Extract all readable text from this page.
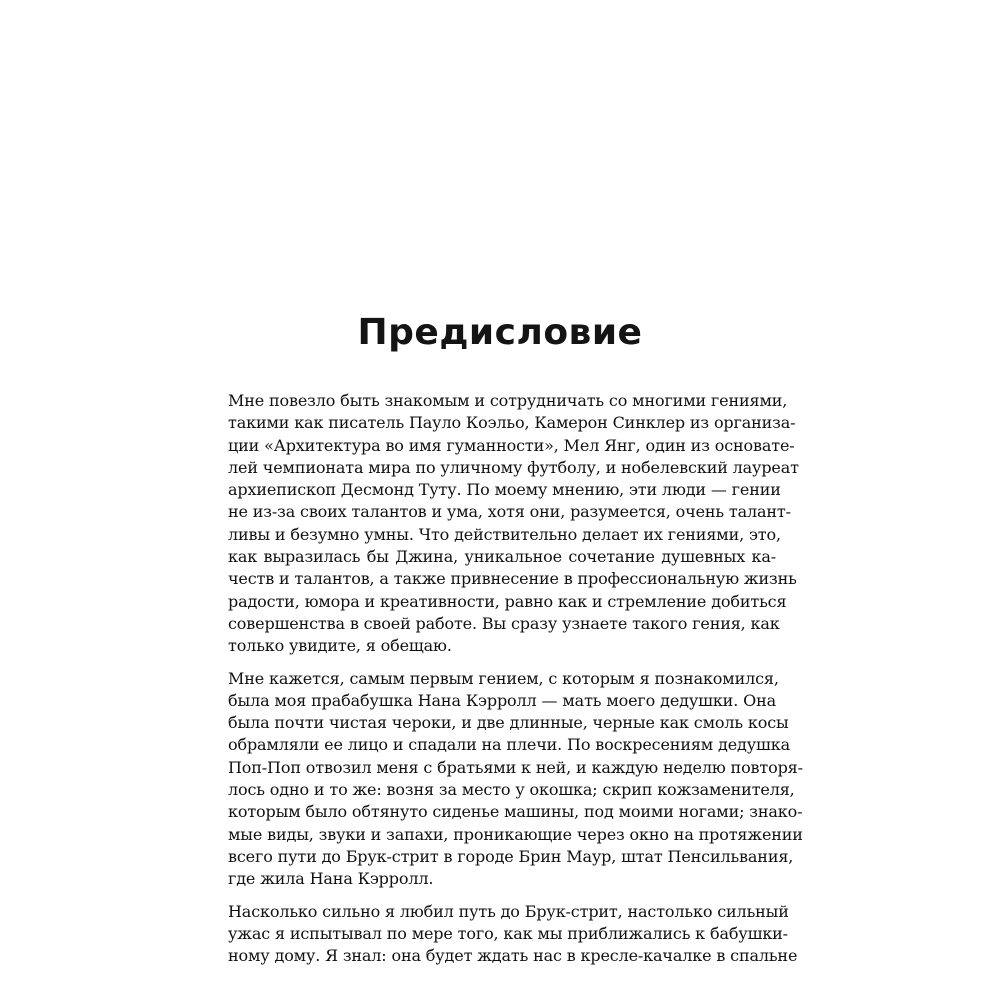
Предисловие
Мне повезло быть знакомым и сотрудничать со многими гениями,
такими как писатель Пауло Коэльо, Камерон Синклер из организа-
ции «Архитектура во имя гуманности», Мел Янг, один из основате-
лей чемпионата мира по уличному футболу, и нобелевский лауреат
архиепископ Десмонд Туту. По моему мнению, эти люди — гении
не из-за своих талантов и ума, хотя они, разумеется, очень талант-
ливы и безумно умны. Что действительно делает их гениями, это,
как выразилась бы Джина, уникальное сочетание душевных ка-
честв и талантов, а также привнесение в профессиональную жизнь
радости, юмора и креативности, равно как и стремление добиться
совершенства в своей работе. Вы сразу узнаете такого гения, как
только увидите, я обещаю.
Мне кажется, самым первым гением, с которым я познакомился,
была моя прабабушка Нана Кэрролл — мать моего дедушки. Она
была почти чистая чероки, и две длинные, черные как смоль косы
обрамляли ее лицо и спадали на плечи. По воскресениям дедушка
Поп-Поп отвозил меня с братьями к ней, и каждую неделю повторя-
лось одно и то же: возня за место у окошка; скрип кожзаменителя,
которым было обтянуто сиденье машины, под моими ногами; знако-
мые виды, звуки и запахи, проникающие через окно на протяжении
всего пути до Брук-стрит в городе Брин Маур, штат Пенсильвания,
где жила Нана Кэрролл.
Насколько сильно я любил путь до Брук-стрит, настолько сильный
ужас я испытывал по мере того, как мы приближались к бабушки-
ному дому. Я знал: она будет ждать нас в кресле-качалке в спальне
